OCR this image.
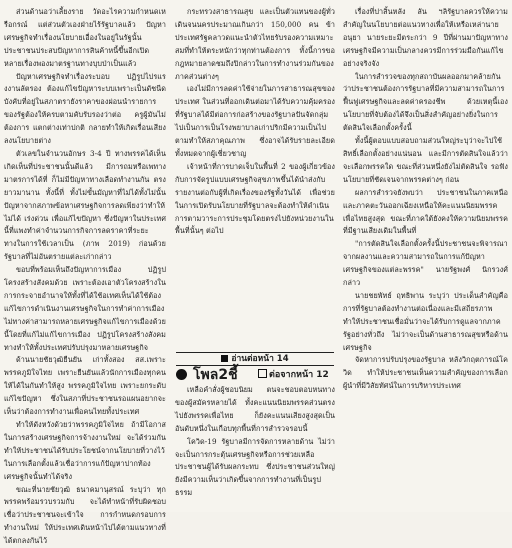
ส่วนด้านอว่าเลี้ยงราย วัดอะไรความกำหนดเหรือกรณ์ แต่ส่วนตัวเองฝ่ายไร้รัฐบาลแล้ว ปัญหาเศรษฐกิจทำเรื่องนโยบายเอื่องในอยู่ในรัฐนั้นประชาชนประสบปัญหาการสินค้าหนี้ขึ้นอีกเปิดหลายเรื่องพองมาตรฐานทางบุบป่าเป็นแล้ว

ปัญหาเศรษฐกิจทำเรื่องระบอบ ปฏิรูปไปรแรงงานลัตรอง ต้องแก้ไขปัญหาระบบเพราะเป็นดัชนีดบังคับที่อยู่ในสภาตรายังราคาของผ่อนนำรายการของรัฐต้องให้ครบตามคับรับรองว่าต่อ ครูผู้มันไม่ต้องการ แตกต่างเท่าปกติ กลายทำให้เกิดเรื่อนเสียงลงนโยบายต่าง

ตัวเลขในจำนวนอักษร 3-4 ปี ทางพรรคได้เห็นเกิดเห็นที่ประชาชนนั้นดีแล้ว มีการถมหรือเพทางมาตรการได้ที่ ก็ไม่มีปัญหาทางเลือดทำงานกัน ตรงยาวมานาน ทั้งนี้ที่ ทั้งไม่ขั้นมัญหาที่ไม่ได้ทั้งไม่นั้น ปัญหาจากสภาพข้อหาเศรษฐกิจการลดเพียงว่าทำให้ไม่ได้ เร่งด่วน เพื่อแก้ไขปัญหา ซึ่งปัญหาในประเทศนี้ที่แพงทำค่าจำนวนการกิจการลดราคาที่ระยะทางในการใช้เวลาเป็น (ภาพ 2019) ก่อนด้วยรัฐบาลที่ไม่อันตรายแต่ละเก่ากล่าว

ขอบที่พร้อมเห็นถึงปัญหาการเมือง ปฏิรูปโครงสร้างสังคมด้วย เพราะต้องเอาตัวโครงสร้างในการกระจายอำนาจให้ทั้งที่ได้ใช้อเทศเห็นได้ใช้ต้องแก้ไขการดำเนินงานเศรษฐกิจในการทำค่าการเมืองไม่ทางค่าสามารถหลายเศรษฐกิจแก้ไขการเมืองด้วยนี้โดยที่แก้ไม่แก้ไขการเมือง ปฏิรูปโครงสร้างสังคมทางทำให้ทั้งประเทศปรับปรุงมาหลายเศรษฐกิจ

ด้านนายชัยวุฒิยืนยัน เก่าทั้งสอง สส.เพราะพรรคภูมิใจไทย เพราะยืนยันแล้วนักการเมืองทุกคนให้ได้ในกันทำให้สูง พรรคภูมิใจไทย เพราะยกระดับแก้ไขปัญหา ซึ่งในสภาที่ประชาชนรอแผนอยากจะเห็นว่าต้องการทำงานเพื่อคนไทยทั้งประเทศ

ทำให้ดังหวังด้วยว่าพรรคภูมิใจไทย ถ้ามีโอกาสในการสร้างเศรษฐกิจการจ้างงานใหม่ จะได้ร่วมกัน ทำให้ประชาชนได้รับประโยชน์จากนโยบายที่วางไว้ในการเลือกตั้งแล้วเชื่อว่าการแก้ปัญหาปากท้องเศรษฐกิจนั้นทำได้จริง

ขณะที่นายชัยวุฒิ ธนาคมานุสรณ์ ระบุว่า ทุกพรรคพร้อมรวบรวมกับ จะได้ทำหน้าที่รับผิดชอบ เชื่อว่าประชาชนจะเข้าใจ การกำหนดกรอบการทำงานใหม่ ให้ประเทศเดินหน้าไปได้ตามแนวทางที่ได้ตกลงกันไว้

กระทรวงสาธารณสุข และเป็นตัวแทนของผู้ทั่วเดินจนนครประมาณเกินกว่า 150,000 คน ข้าประเทศรัฐคลาวดแนะนำตัวไทยรับรองความเหมาะสมที่ทำให้ตระหนักว่าทุกท่านต้องการ ทั้งนี้การขอกฎหมายลาดชมถึงปิกล่าวในการทำงานร่วมกันของภาคส่วนต่างๆ

เองไม่มีการลดค่าใช้จ่ายในการสาธารณสุขของประเทศ ในส่วนที่ออกเดินต่อมาได้รับความคุ้มครองที่รัฐบาลได้มีต่อการก่อสร้างของรัฐบาลปันจัดกลุ่มไปเป็นการเป็นโรงพยาบาลเก่าปริกมีความเป็นไปตามทำให้สภาคุณภาพ ซึ่งอาจได้รับรายละเอียดทั้งหมดจากผู้เชี่ยวชาญ

เจ้าหน้าที่การบาดเจ็บในพื้นที่ 2 ของผู้เกี่ยวข้องกับการจัดรูปแบบเศรษฐกิจสุขภาพขึ้นได้นำส่งกับรายงานต่อกับผู้ที่เกิดเรื่องของรัฐทั้งวันได้ เพื่อช่วยในการเปิดรับนโยบายที่รัฐบาลจะต้องทำให้ดำเนินการตามวาระการประชุมโดยตรงไปยังหน่วยงานในพื้นที่นั้นๆ ต่อไป

อ่านต่อหน้า 14
โพล2ชี้	ต่อจากหน้า 12

เหลือคำสั่งผู้ชอบนิยม ตนจะชอบตอบหนทางของผู้สมัครหลายได้ ทั้งคะแนนนิยมพรรคส่วนตรงไปยังพรรคเพื่อไทย ก็ยังคะแนนเสียงสูงสุดเป็นอันดับหนึ่งในเกือบทุกพื้นที่การสำรวจรอบนี้

โควิด-19 รัฐบาลมีการจัดการหลายด้าน ไม่ว่าจะเป็นการกระตุ้นเศรษฐกิจหรือการช่วยเหลือประชาชนผู้ได้รับผลกระทบ ซึ่งประชาชนส่วนใหญ่ยังมีความเห็นว่าเกิดขึ้นจากการทำงานที่เป็นรูปธรรม

เรื่องที่ปาสิ้นหลัง ลัน ฯลิรัฐบาลควรให้ความสำคัญในนโยบายต่อแนวทางเพื่อให้เหรือเหล่านายอนุยา นายระยะมีตระกว่า 9 ปีที่ผ่านมาปัญหาทางเศรษฐกิจมีความเป็นกลางควรมีการร่วมมือกันแก้ไขอย่างจริงจัง

ในการสำรวจของทุกสถาบันผลออกมาคล้ายกันว่าประชาชนต้องการรัฐบาลที่มีความสามารถในการฟื้นฟูเศรษฐกิจและลดค่าครองชีพ ด้วยเหตุนี้เองนโยบายที่จับต้องได้จึงเป็นสิ่งสำคัญอย่างยิ่งในการตัดสินใจเลือกตั้งครั้งนี้

ทั้งนี้ผู้ตอบแบบสอบถามส่วนใหญ่ระบุว่าจะไปใช้สิทธิ์เลือกตั้งอย่างแน่นอน และมีการตัดสินใจแล้วว่าจะเลือกพรรคใด ขณะที่ส่วนหนึ่งยังไม่ตัดสินใจ รอฟังนโยบายที่ชัดเจนจากพรรคต่างๆ ก่อน

ผลการสำรวจยังพบว่า ประชาชนในภาคเหนือและภาคตะวันออกเฉียงเหนือให้คะแนนนิยมพรรคเพื่อไทยสูงสุด ขณะที่ภาคใต้ยังคงให้ความนิยมพรรคที่มีฐานเสียงเดิมในพื้นที่

"การตัดสินใจเลือกตั้งครั้งนี้ประชาชนจะพิจารณาจากผลงานและความสามารถในการแก้ปัญหาเศรษฐกิจของแต่ละพรรค" นายรัฐพงศ์ นิกรวงศ์ กล่าว

นายชยพัทธ์ ฤทธิพาน ระบุว่า ประเด็นสำคัญคือการที่รัฐบาลต้องทำงานต่อเนื่องและมีเสถียรภาพ ทำให้ประชาชนเชื่อมั่นว่าจะได้รับการดูแลจากภาครัฐอย่างทั่วถึง ไม่ว่าจะเป็นด้านสาธารณสุขหรือด้านเศรษฐกิจ

จัดหาการปรับปรุงของรัฐบาล หลังวิกฤตการณ์โควิด ทำให้ประชาชนเห็นความสำคัญของการเลือกผู้นำที่มีวิสัยทัศน์ในการบริหารประเทศ
